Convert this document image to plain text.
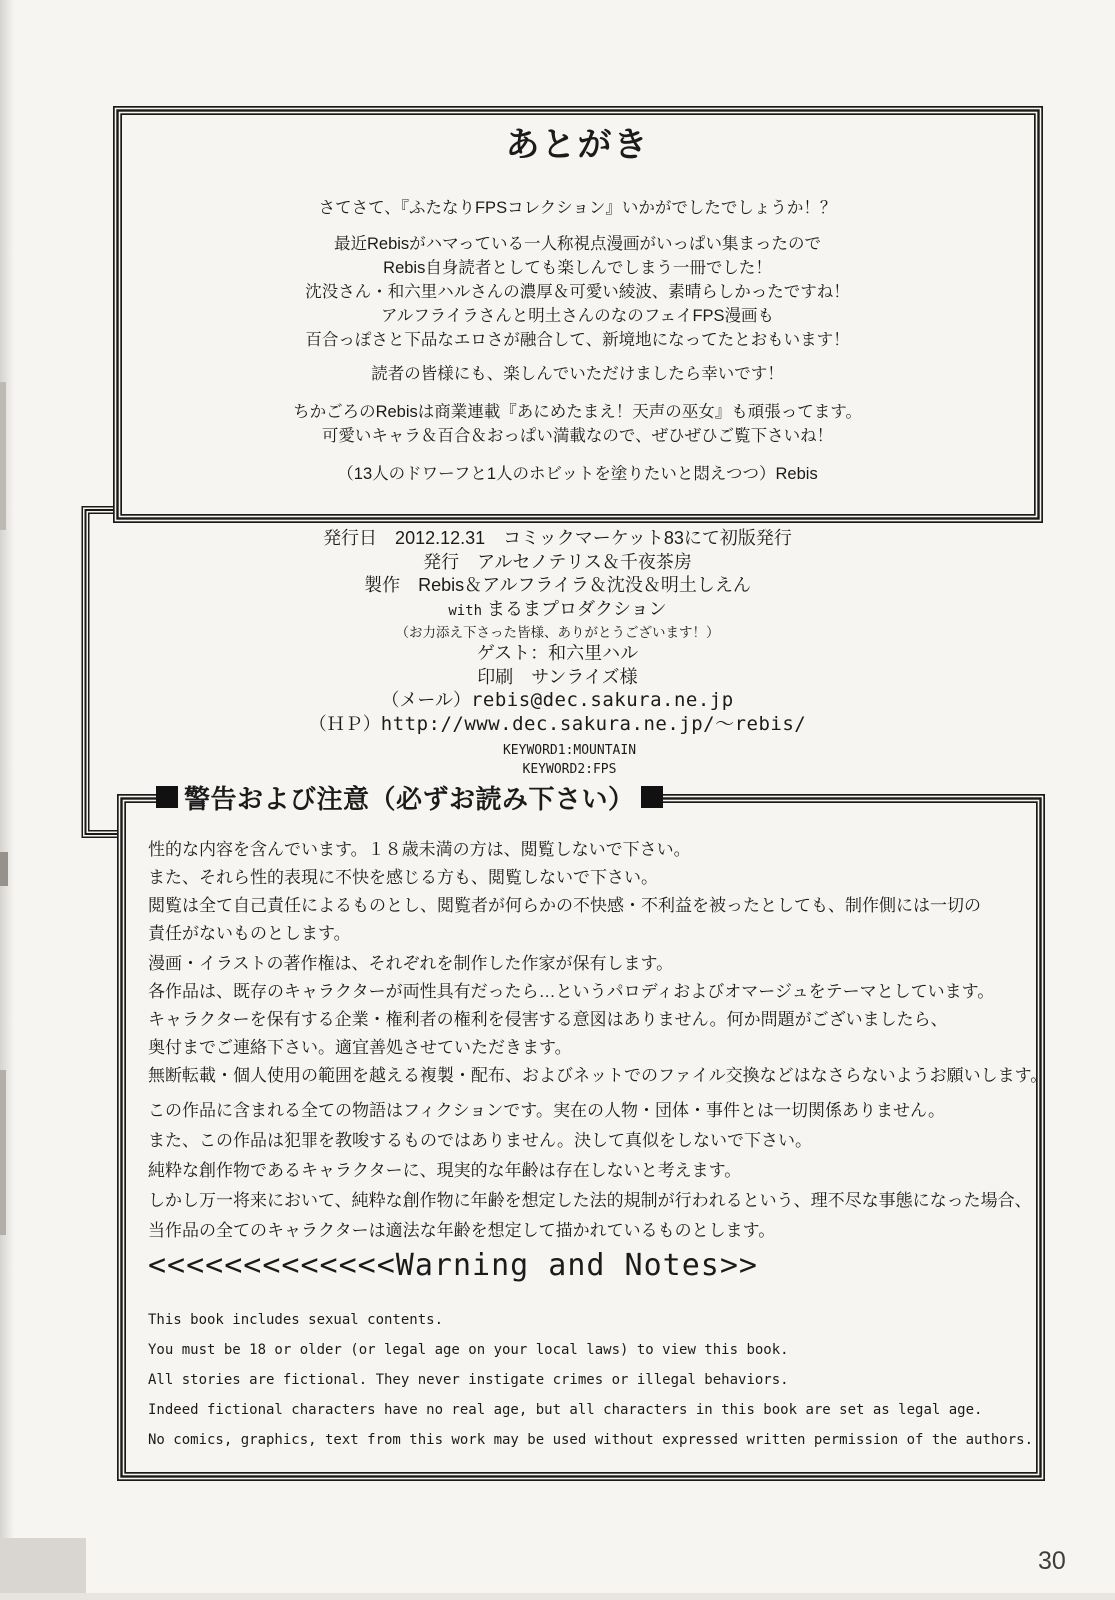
あとがき
さてさて、『ふたなりFPSコレクション』いかがでしたでしょうか！？
最近Rebisがハマっている一人称視点漫画がいっぱい集まったので
Rebis自身読者としても楽しんでしまう一冊でした！
沈没さん・和六里ハルさんの濃厚＆可愛い綾波、素晴らしかったですね！
アルフライラさんと明土さんのなのフェイFPS漫画も
百合っぽさと下品なエロさが融合して、新境地になってたとおもいます！
読者の皆様にも、楽しんでいただけましたら幸いです！
ちかごろのRebisは商業連載『あにめたまえ！天声の巫女』も頑張ってます。
可愛いキャラ＆百合＆おっぱい満載なので、ぜひぜひご覧下さいね！
（13人のドワーフと1人のホビットを塗りたいと悶えつつ）Rebis
発行日　2012.12.31　コミックマーケット83にて初版発行
発行　アルセノテリス＆千夜茶房
製作　Rebis＆アルフライラ＆沈没＆明土しえん
with まるまプロダクション
（お力添え下さった皆様、ありがとうございます！）
ゲスト：和六里ハル
印刷　サンライズ様
（メール）rebis@dec.sakura.ne.jp
（ＨＰ）http://www.dec.sakura.ne.jp/～rebis/
KEYWORD1:MOUNTAIN
KEYWORD2:FPS
警告および注意（必ずお読み下さい）
性的な内容を含んでいます。１８歳未満の方は、閲覧しないで下さい。
また、それら性的表現に不快を感じる方も、閲覧しないで下さい。
閲覧は全て自己責任によるものとし、閲覧者が何らかの不快感・不利益を被ったとしても、制作側には一切の
責任がないものとします。
漫画・イラストの著作権は、それぞれを制作した作家が保有します。
各作品は、既存のキャラクターが両性具有だったら…というパロディおよびオマージュをテーマとしています。
キャラクターを保有する企業・権利者の権利を侵害する意図はありません。何か問題がございましたら、
奥付までご連絡下さい。適宜善処させていただきます。
無断転載・個人使用の範囲を越える複製・配布、およびネットでのファイル交換などはなさらないようお願いします。
この作品に含まれる全ての物語はフィクションです。実在の人物・団体・事件とは一切関係ありません。
また、この作品は犯罪を教唆するものではありません。決して真似をしないで下さい。
純粋な創作物であるキャラクターに、現実的な年齢は存在しないと考えます。
しかし万一将来において、純粋な創作物に年齢を想定した法的規制が行われるという、理不尽な事態になった場合、
当作品の全てのキャラクターは適法な年齢を想定して描かれているものとします。
<<<<<<<<<<<<<Warning and Notes>>
This book includes sexual contents.
You must be 18 or older (or legal age on your local laws) to view this book.
All stories are fictional. They never instigate crimes or illegal behaviors.
Indeed fictional characters have no real age, but all characters in this book are set as legal age.
No comics, graphics, text from this work may be used without expressed written permission of the authors.
30
